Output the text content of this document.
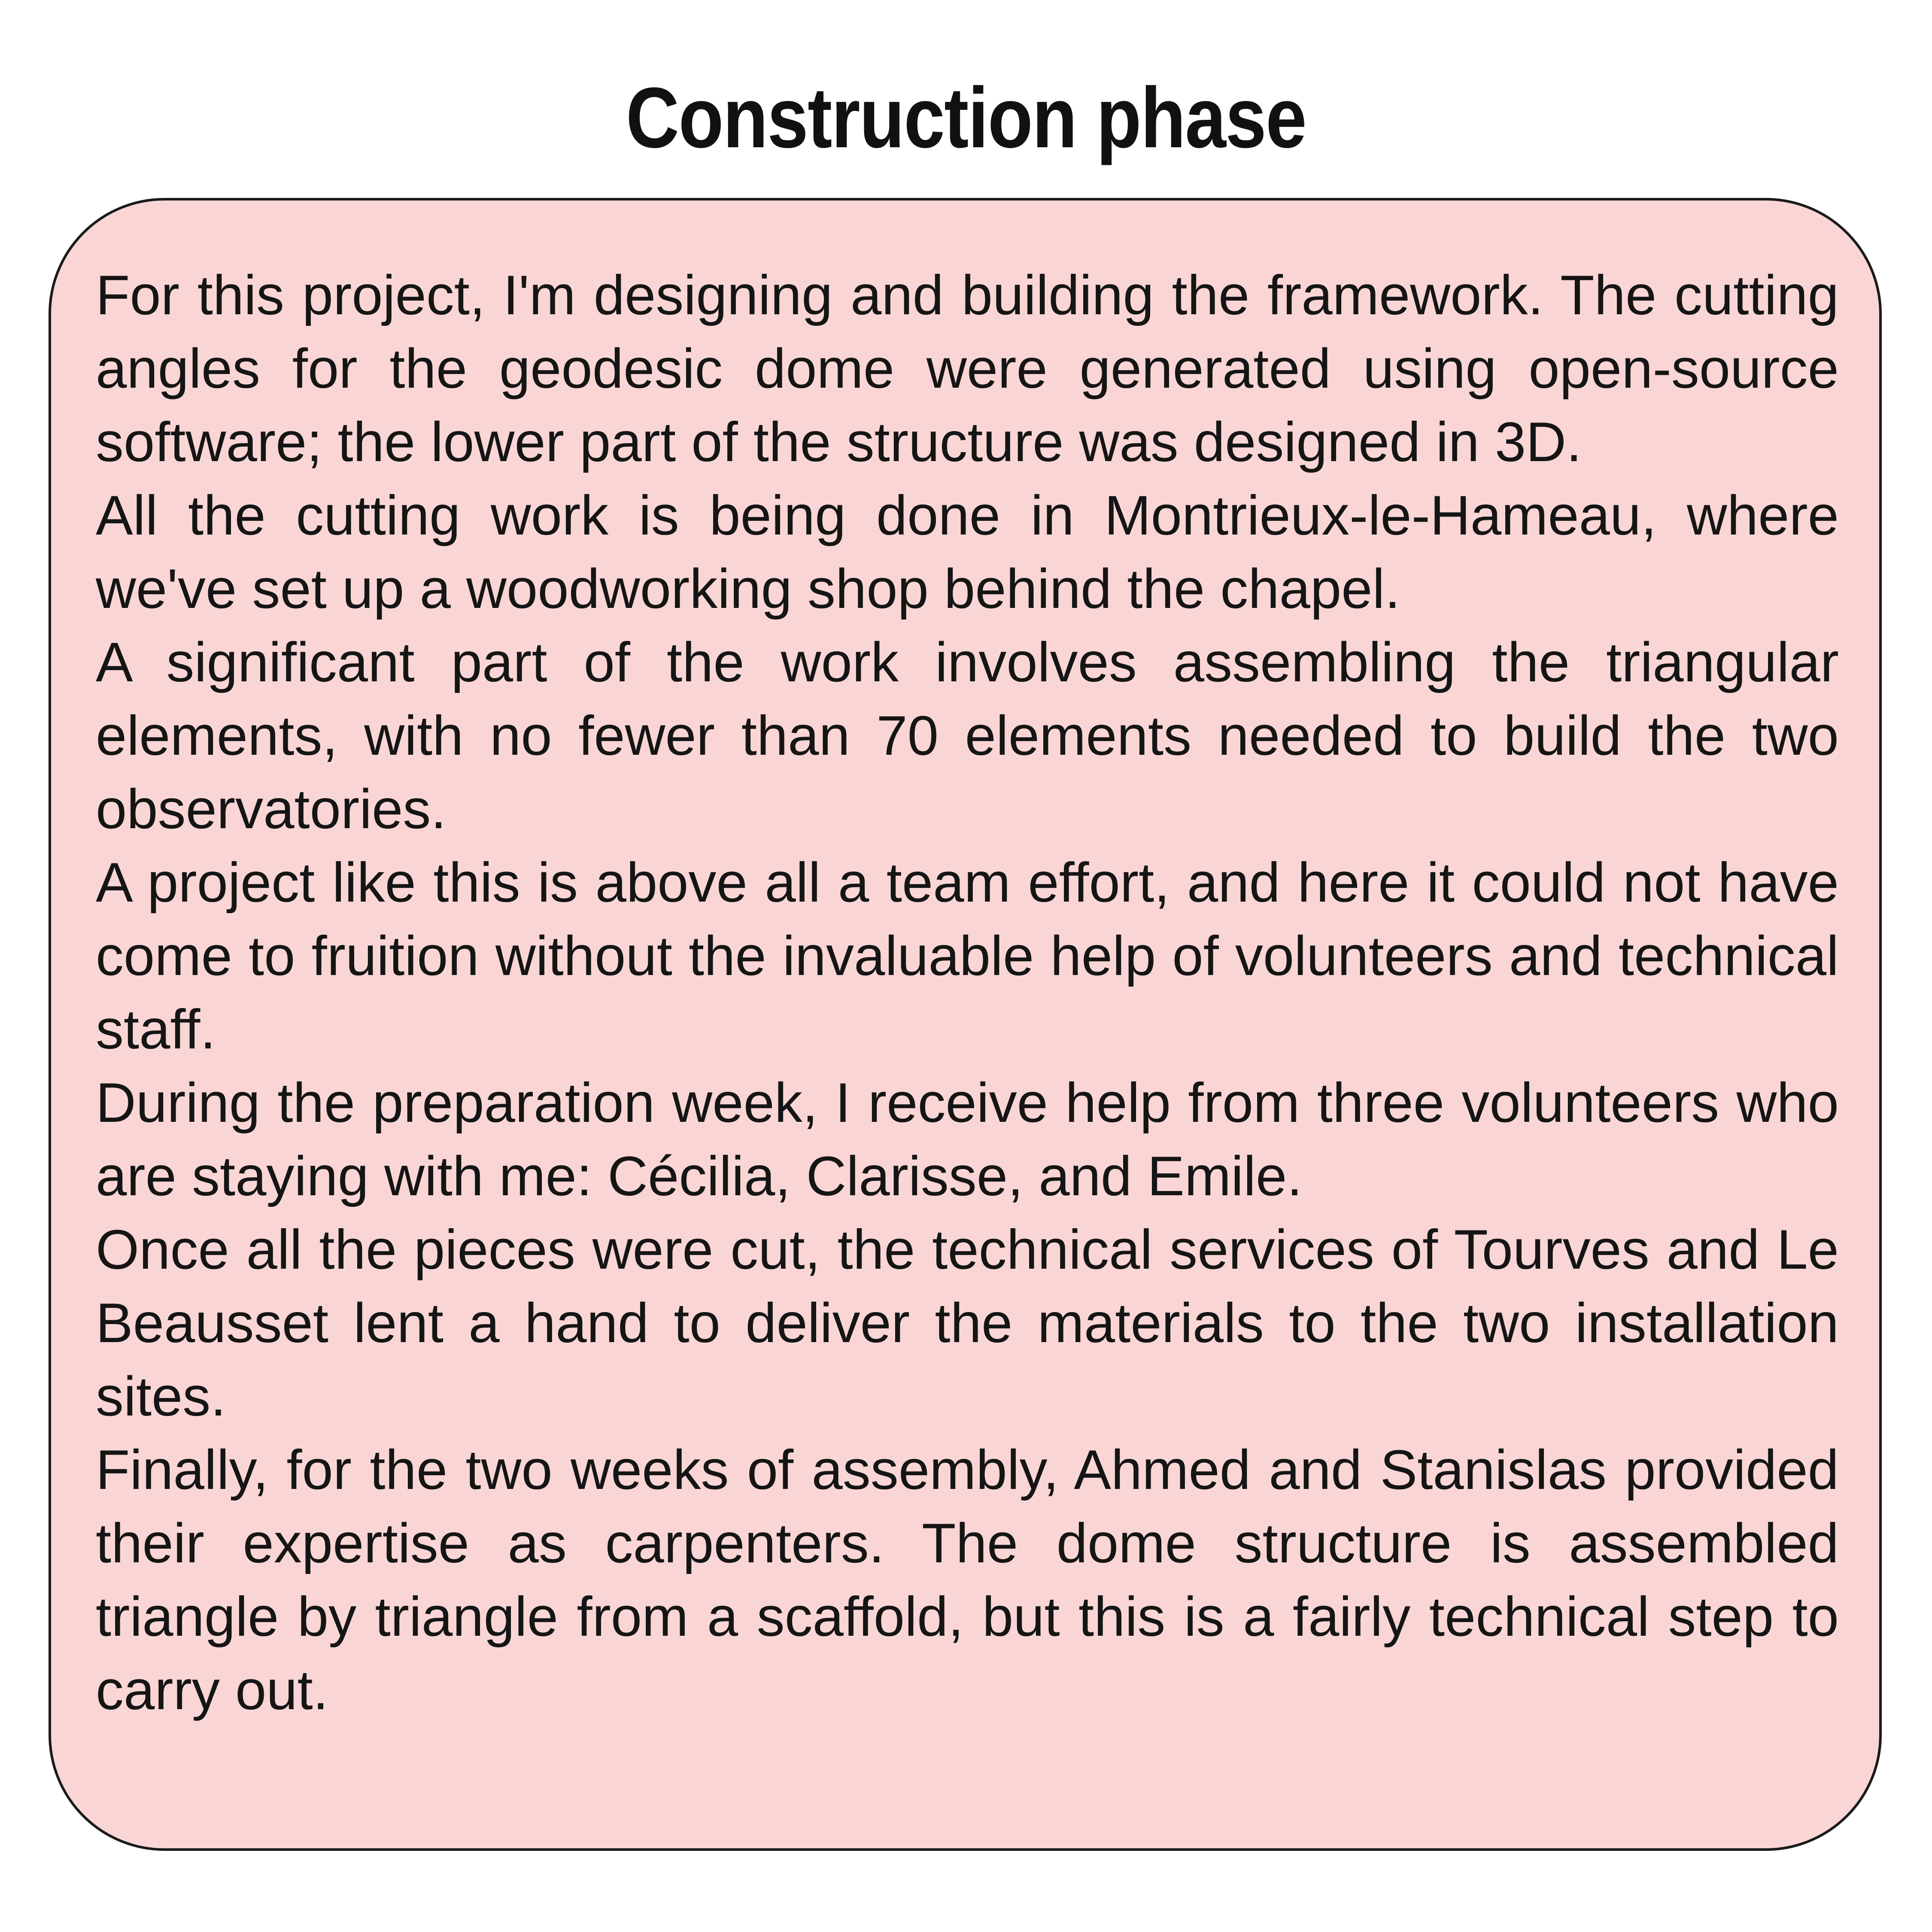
Construction phase

For this project, I'm designing and building the framework. The cutting angles for the geodesic dome were generated using open-source software; the lower part of the structure was designed in 3D.

All the cutting work is being done in Montrieux-le-Hameau, where we've set up a woodworking shop behind the chapel.

A significant part of the work involves assembling the triangular elements, with no fewer than 70 elements needed to build the two observatories.

A project like this is above all a team effort, and here it could not have come to fruition without the invaluable help of volunteers and technical staff.

During the preparation week, I receive help from three volunteers who are staying with me: Cécilia, Clarisse, and Emile.

Once all the pieces were cut, the technical services of Tourves and Le Beausset lent a hand to deliver the materials to the two installation sites.

Finally, for the two weeks of assembly, Ahmed and Stanislas provided their expertise as carpenters. The dome structure is assembled triangle by triangle from a scaffold, but this is a fairly technical step to carry out.
